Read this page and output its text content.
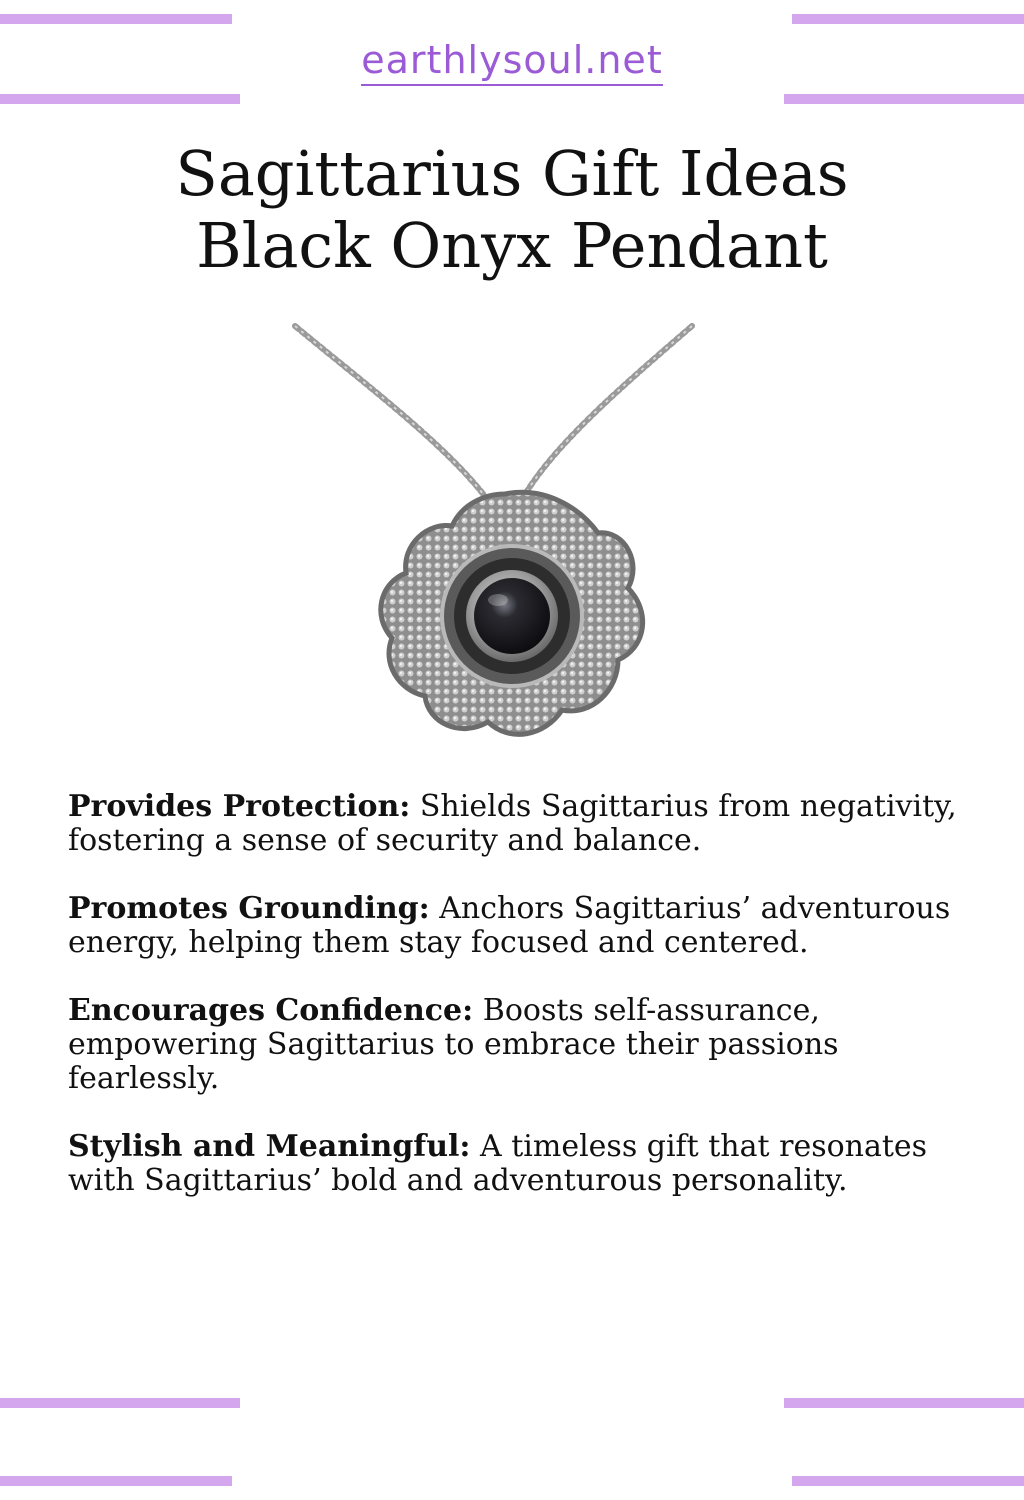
earthlysoul.net
Sagittarius Gift Ideas
Black Onyx Pendant

Provides Protection: Shields Sagittarius from negativity, fostering a sense of security and balance.

Promotes Grounding: Anchors Sagittarius’ adventurous energy, helping them stay focused and centered.

Encourages Confidence: Boosts self-assurance, empowering Sagittarius to embrace their passions fearlessly.

Stylish and Meaningful: A timeless gift that resonates with Sagittarius’ bold and adventurous personality.
